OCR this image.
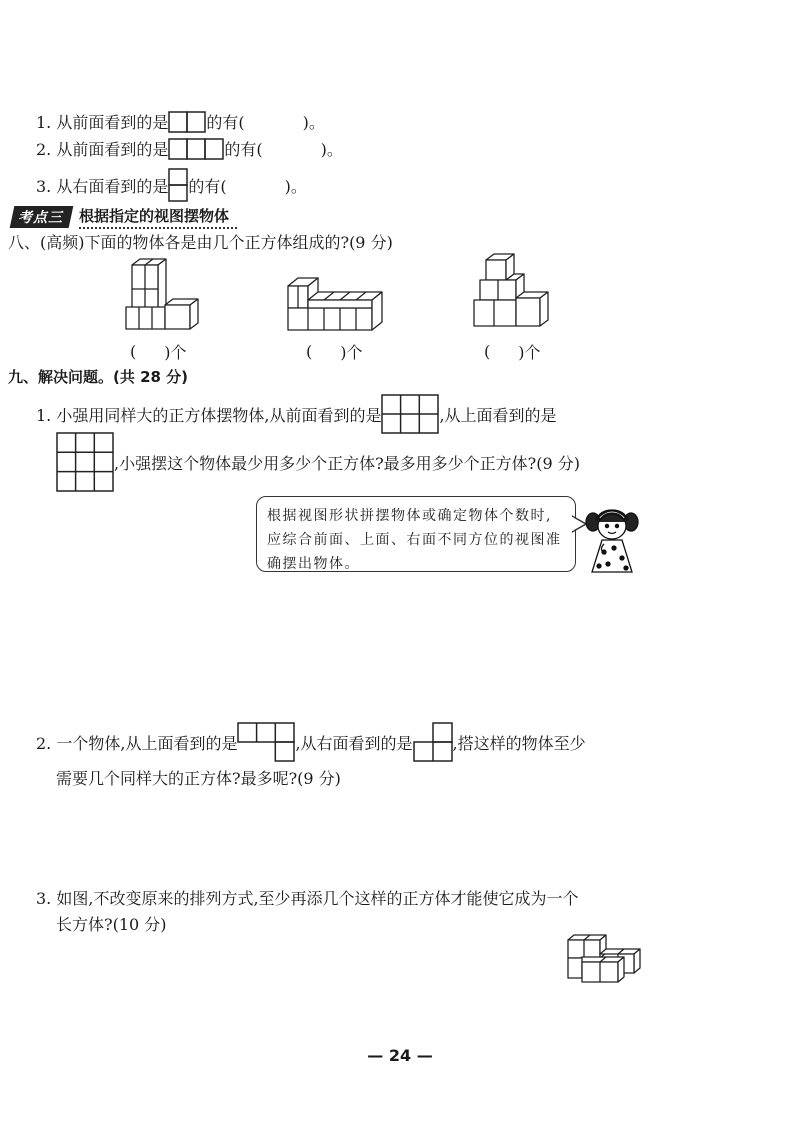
1. 从前面看到的是 的有(	)。
2. 从前面看到的是	的有(	)。
3. 从右面看到的是 的有(	)。
考点三	根据指定的视图摆物体
八、(高频)下面的物体各是由几个正方体组成的?(9 分)
( )个	( )个	( )个
九、解决问题。(共 28 分)
1. 小强用同样大的正方体摆物体,从前面看到的是	,从上面看到的是
,小强摆这个物体最少用多少个正方体?最多用多少个正方体?(9 分)
根据视图形状拼摆物体或确定物体个数时,应综合前面、上面、右面不同方位的视图准确摆出物体。
2. 一个物体,从上面看到的是	,从右面看到的是	,搭这样的物体至少
需要几个同样大的正方体?最多呢?(9 分)
3. 如图,不改变原来的排列方式,至少再添几个这样的正方体才能使它成为一个
长方体?(10 分)
— 24 —
